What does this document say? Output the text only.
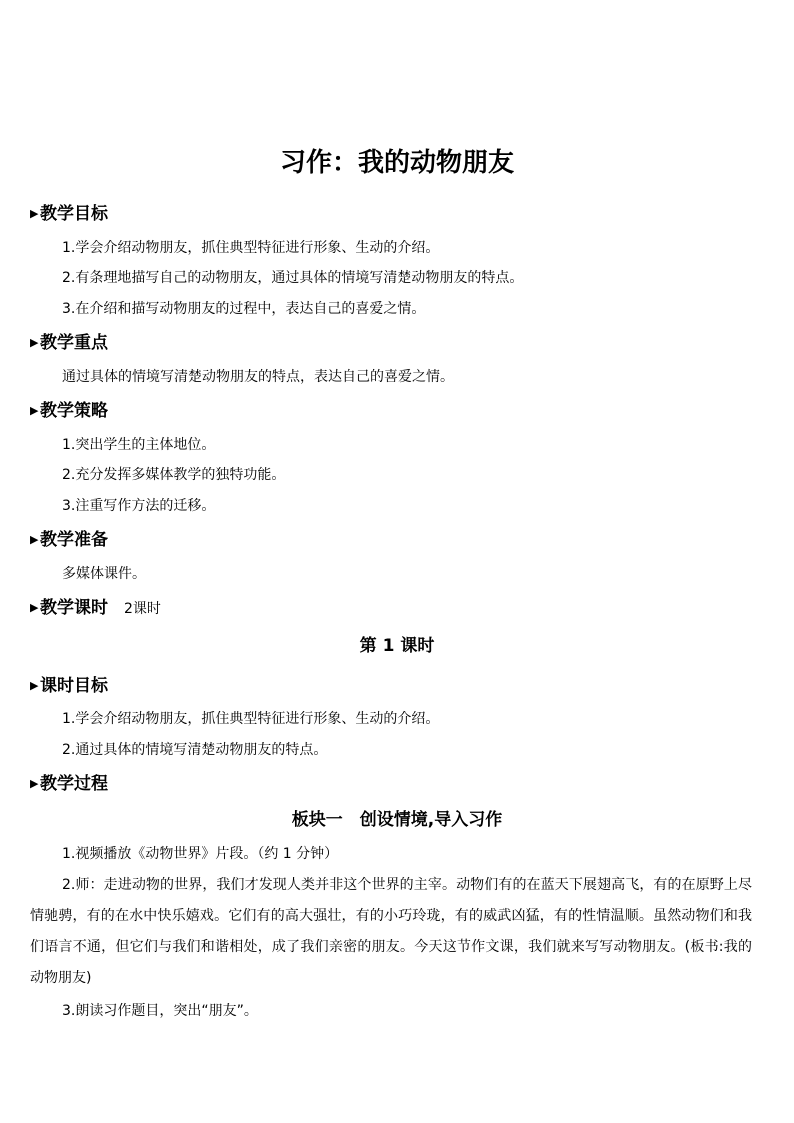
习作：我的动物朋友
▶教学目标
1.学会介绍动物朋友，抓住典型特征进行形象、生动的介绍。
2.有条理地描写自己的动物朋友，通过具体的情境写清楚动物朋友的特点。
3.在介绍和描写动物朋友的过程中，表达自己的喜爱之情。
▶教学重点
通过具体的情境写清楚动物朋友的特点，表达自己的喜爱之情。
▶教学策略
1.突出学生的主体地位。
2.充分发挥多媒体教学的独特功能。
3.注重写作方法的迁移。
▶教学准备
多媒体课件。
▶教学课时 2课时
第 1 课时
▶课时目标
1.学会介绍动物朋友，抓住典型特征进行形象、生动的介绍。
2.通过具体的情境写清楚动物朋友的特点。
▶教学过程
板块一　创设情境,导入习作
1.视频播放《动物世界》片段。（约 1 分钟）
2.师：走进动物的世界，我们才发现人类并非这个世界的主宰。动物们有的在蓝天下展翅高飞，有的在原野上尽情驰骋，有的在水中快乐嬉戏。它们有的高大强壮，有的小巧玲珑，有的威武凶猛，有的性情温顺。虽然动物们和我们语言不通，但它们与我们和谐相处，成了我们亲密的朋友。今天这节作文课，我们就来写写动物朋友。(板书:我的动物朋友)
3.朗读习作题目，突出“朋友”。
